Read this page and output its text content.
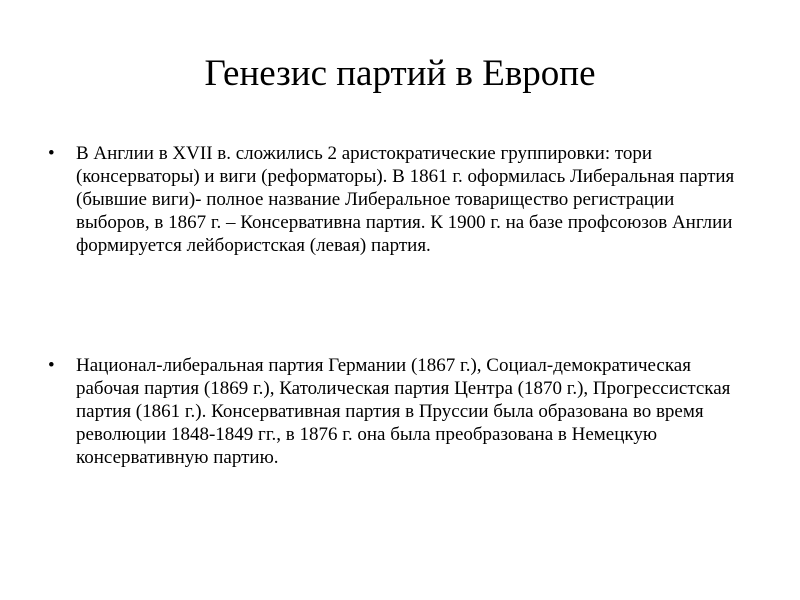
Генезис партий в Европе
• В Англии в XVII в. сложились 2 аристократические группировки: тори (консерваторы) и виги (реформаторы). В 1861 г. оформилась Либеральная партия (бывшие виги)- полное название Либеральное товарищество регистрации выборов, в 1867 г. – Консервативна партия. К 1900 г. на базе профсоюзов Англии формируется лейбористская (левая) партия.
• Национал-либеральная партия Германии (1867 г.), Социал-демократическая рабочая партия (1869 г.), Католическая партия Центра (1870 г.), Прогрессистская партия (1861 г.). Консервативная партия в Пруссии была образована во время революции 1848-1849 гг., в 1876 г. она была преобразована в Немецкую консервативную партию.
